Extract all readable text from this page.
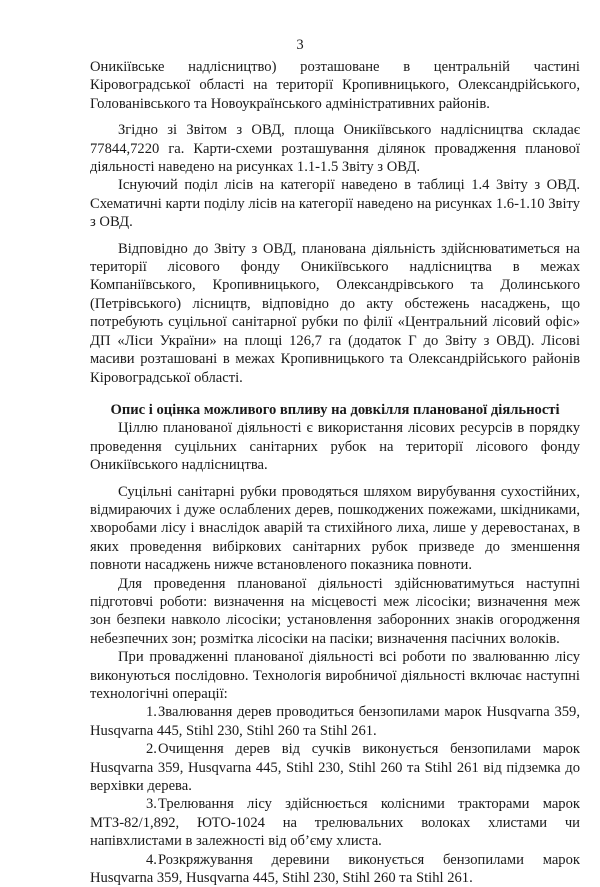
3

Оникіївське надлісництво) розташоване в центральній частині Кіровоградської області на території Кропивницького, Олександрійського, Голованівського та Новоукраїнського адміністративних районів.

Згідно зі Звітом з ОВД, площа Оникіївського надлісництва складає 77844,7220 га. Карти-схеми розташування ділянок провадження планової діяльності наведено на рисунках 1.1-1.5 Звіту з ОВД.

Існуючий поділ лісів на категорії наведено в таблиці 1.4 Звіту з ОВД. Схематичні карти поділу лісів на категорії наведено на рисунках 1.6-1.10 Звіту з ОВД.

Відповідно до Звіту з ОВД, планована діяльність здійснюватиметься на території лісового фонду Оникіївського надлісництва в межах Компаніївського, Кропивницького, Олександрівського та Долинського (Петрівського) лісництв, відповідно до акту обстежень насаджень, що потребують суцільної санітарної рубки по філії «Центральний лісовий офіс» ДП «Ліси України» на площі 126,7 га (додаток Г до Звіту з ОВД). Лісові масиви розташовані в межах Кропивницького та Олександрійського районів Кіровоградської області.

Опис і оцінка можливого впливу на довкілля планованої діяльності

Ціллю планованої діяльності є використання лісових ресурсів в порядку проведення суцільних санітарних рубок на території лісового фонду Оникіївського надлісництва.

Суцільні санітарні рубки проводяться шляхом вирубування сухостійних, відмираючих і дуже ослаблених дерев, пошкоджених пожежами, шкідниками, хворобами лісу і внаслідок аварій та стихійного лиха, лише у деревостанах, в яких проведення вибіркових санітарних рубок призведе до зменшення повноти насаджень нижче встановленого показника повноти.

Для проведення планованої діяльності здійснюватимуться наступні підготовчі роботи: визначення на місцевості меж лісосіки; визначення меж зон безпеки навколо лісосіки; установлення заборонних знаків огородження небезпечних зон; розмітка лісосіки на пасіки; визначення пасічних волоків.

При провадженні планованої діяльності всі роботи по звалюванню лісу виконуються послідовно. Технологія виробничої діяльності включає наступні технологічні операції:

1.Звалювання дерев проводиться бензопилами марок Husqvarna 359, Husqvarna 445, Stihl 230, Stihl 260 та Stihl 261.

2.Очищення дерев від сучків виконується бензопилами марок Husqvarna 359, Husqvarna 445, Stihl 230, Stihl 260 та Stihl 261 від підземка до верхівки дерева.

3.Трелювання лісу здійснюється колісними тракторами марок МТЗ-82/1,892, ЮТО-1024 на трелювальних волоках хлистами чи напівхлистами в залежності від об’єму хлиста.

4.Розкряжування деревини виконується бензопилами марок Husqvarna 359, Husqvarna 445, Stihl 230, Stihl 260 та Stihl 261.
